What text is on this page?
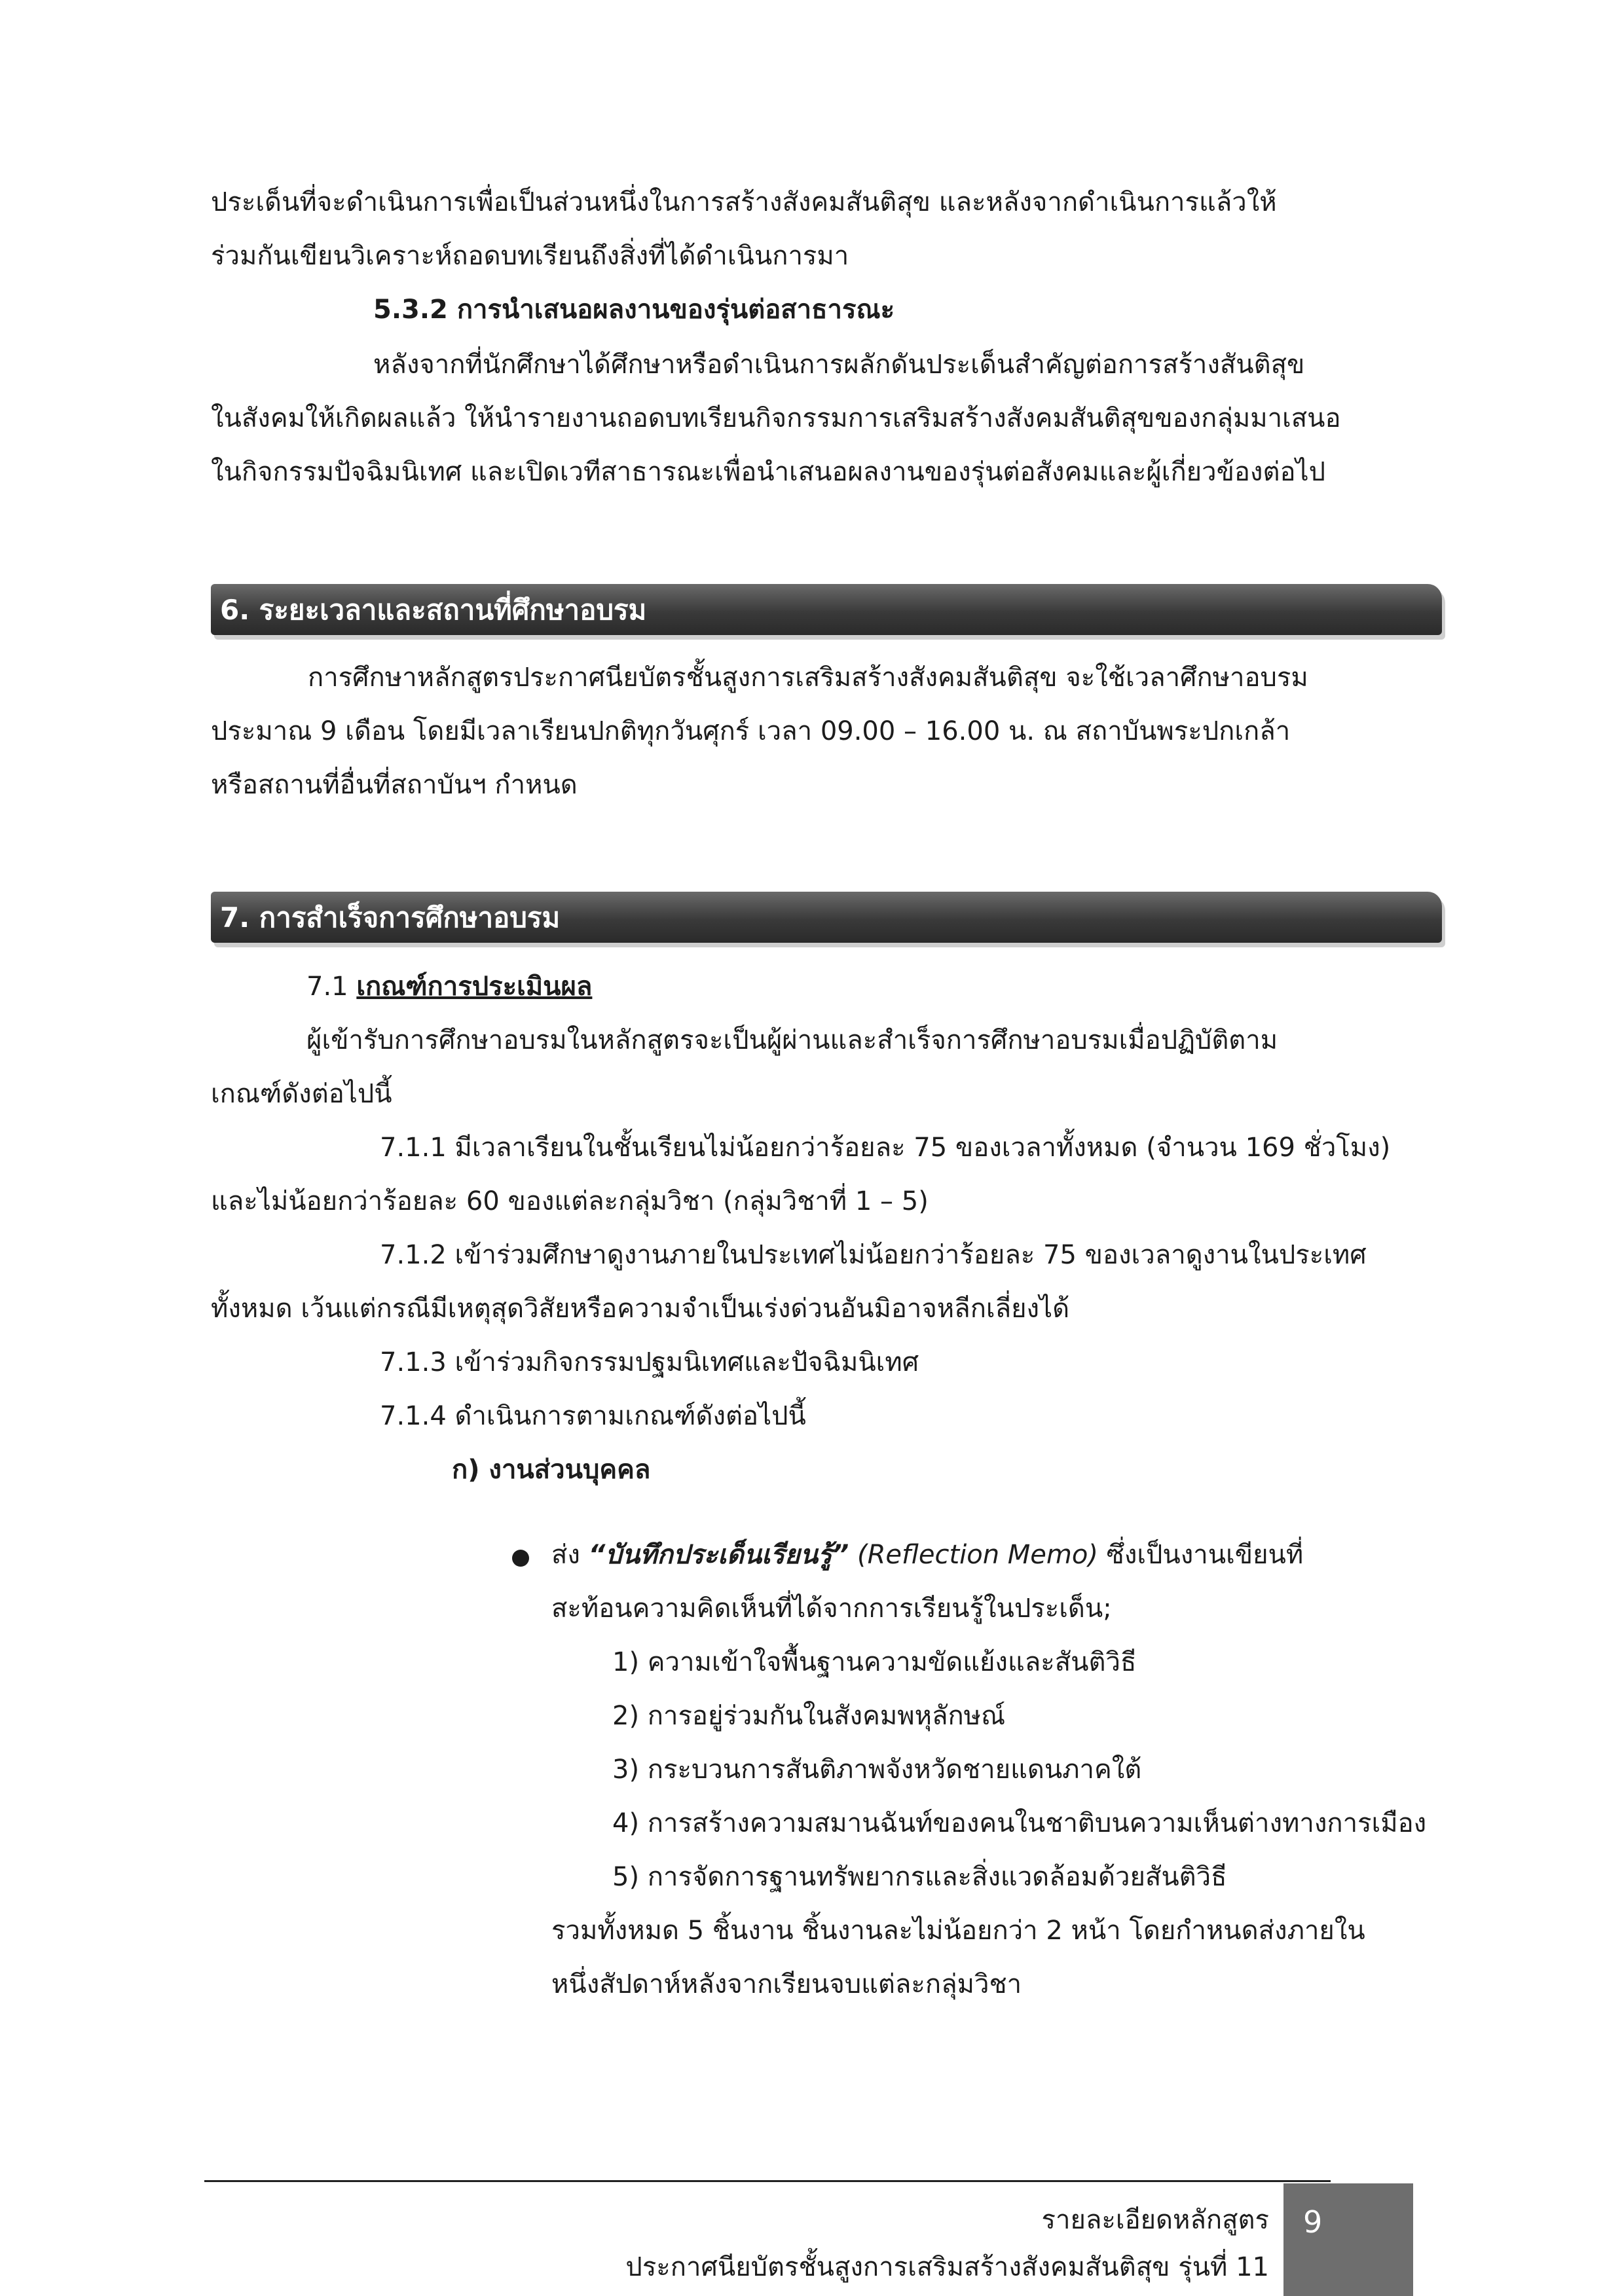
ประเด็นที่จะดำเนินการเพื่อเป็นส่วนหนึ่งในการสร้างสังคมสันติสุข และหลังจากดำเนินการแล้วให้
ร่วมกันเขียนวิเคราะห์ถอดบทเรียนถึงสิ่งที่ได้ดำเนินการมา
5.3.2 การนำเสนอผลงานของรุ่นต่อสาธารณะ
หลังจากที่นักศึกษาได้ศึกษาหรือดำเนินการผลักดันประเด็นสำคัญต่อการสร้างสันติสุข
ในสังคมให้เกิดผลแล้ว ให้นำรายงานถอดบทเรียนกิจกรรมการเสริมสร้างสังคมสันติสุขของกลุ่มมาเสนอ
ในกิจกรรมปัจฉิมนิเทศ และเปิดเวทีสาธารณะเพื่อนำเสนอผลงานของรุ่นต่อสังคมและผู้เกี่ยวข้องต่อไป
6. ระยะเวลาและสถานที่ศึกษาอบรม
การศึกษาหลักสูตรประกาศนียบัตรชั้นสูงการเสริมสร้างสังคมสันติสุข จะใช้เวลาศึกษาอบรม
ประมาณ 9 เดือน โดยมีเวลาเรียนปกติทุกวันศุกร์ เวลา 09.00 – 16.00 น. ณ สถาบันพระปกเกล้า
หรือสถานที่อื่นที่สถาบันฯ กำหนด
7. การสำเร็จการศึกษาอบรม
7.1 เกณฑ์การประเมินผล
ผู้เข้ารับการศึกษาอบรมในหลักสูตรจะเป็นผู้ผ่านและสำเร็จการศึกษาอบรมเมื่อปฏิบัติตาม
เกณฑ์ดังต่อไปนี้
7.1.1 มีเวลาเรียนในชั้นเรียนไม่น้อยกว่าร้อยละ 75 ของเวลาทั้งหมด (จำนวน 169 ชั่วโมง)
และไม่น้อยกว่าร้อยละ 60 ของแต่ละกลุ่มวิชา (กลุ่มวิชาที่ 1 – 5)
7.1.2 เข้าร่วมศึกษาดูงานภายในประเทศไม่น้อยกว่าร้อยละ 75 ของเวลาดูงานในประเทศ
ทั้งหมด เว้นแต่กรณีมีเหตุสุดวิสัยหรือความจำเป็นเร่งด่วนอันมิอาจหลีกเลี่ยงได้
7.1.3 เข้าร่วมกิจกรรมปฐมนิเทศและปัจฉิมนิเทศ
7.1.4 ดำเนินการตามเกณฑ์ดังต่อไปนี้
ก) งานส่วนบุคคล
ส่ง “บันทึกประเด็นเรียนรู้” (Reflection Memo) ซึ่งเป็นงานเขียนที่
สะท้อนความคิดเห็นที่ได้จากการเรียนรู้ในประเด็น;
1) ความเข้าใจพื้นฐานความขัดแย้งและสันติวิธี
2) การอยู่ร่วมกันในสังคมพหุลักษณ์
3) กระบวนการสันติภาพจังหวัดชายแดนภาคใต้
4) การสร้างความสมานฉันท์ของคนในชาติบนความเห็นต่างทางการเมือง
5) การจัดการฐานทรัพยากรและสิ่งแวดล้อมด้วยสันติวิธี
รวมทั้งหมด 5 ชิ้นงาน ชิ้นงานละไม่น้อยกว่า 2 หน้า โดยกำหนดส่งภายใน
หนึ่งสัปดาห์หลังจากเรียนจบแต่ละกลุ่มวิชา
รายละเอียดหลักสูตร
ประกาศนียบัตรชั้นสูงการเสริมสร้างสังคมสันติสุข รุ่นที่ 11
9
